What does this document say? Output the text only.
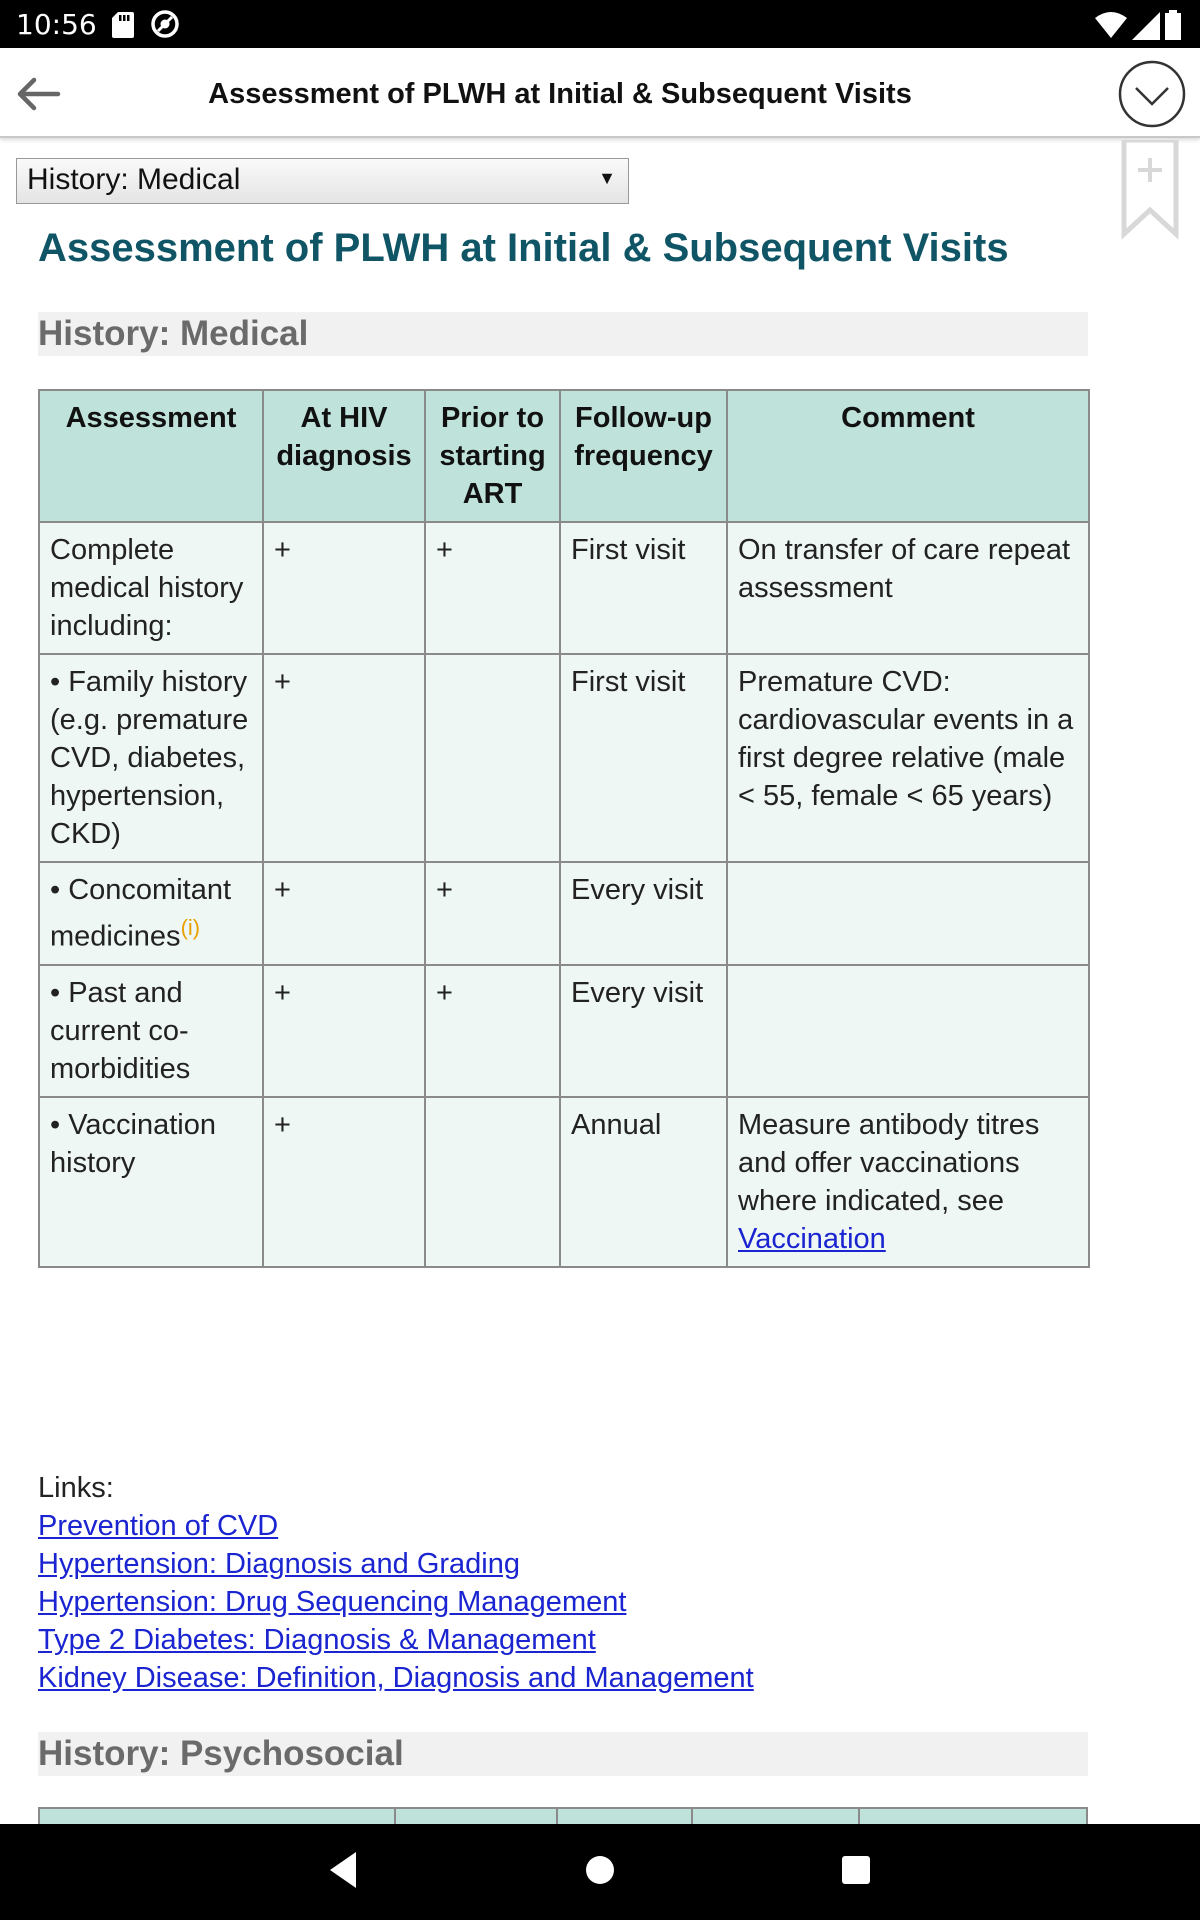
10:56

Assessment of PLWH at Initial & Subsequent Visits
History: Medical	▼
Assessment of PLWH at Initial & Subsequent Visits
History: Medical
Assessment	At HIV diagnosis	Prior to starting ART	Follow-up frequency	Comment
Complete medical history including:	+	+	First visit	On transfer of care repeat assessment
• Family history (e.g. premature CVD, diabetes, hypertension, CKD)	+		First visit	Premature CVD: cardiovascular events in a first degree relative (male < 55, female < 65 years)
• Concomitant medicines$^{(i)}$	+	+	Every visit	
• Past and current co-morbidities	+	+	Every visit	
• Vaccination history	+		Annual	Measure antibody titres and offer vaccinations where indicated, see Vaccination
Links:
Prevention of CVD
Hypertension: Diagnosis and Grading
Hypertension: Drug Sequencing Management
Type 2 Diabetes: Diagnosis & Management
Kidney Disease: Definition, Diagnosis and Management
History: Psychosocial
